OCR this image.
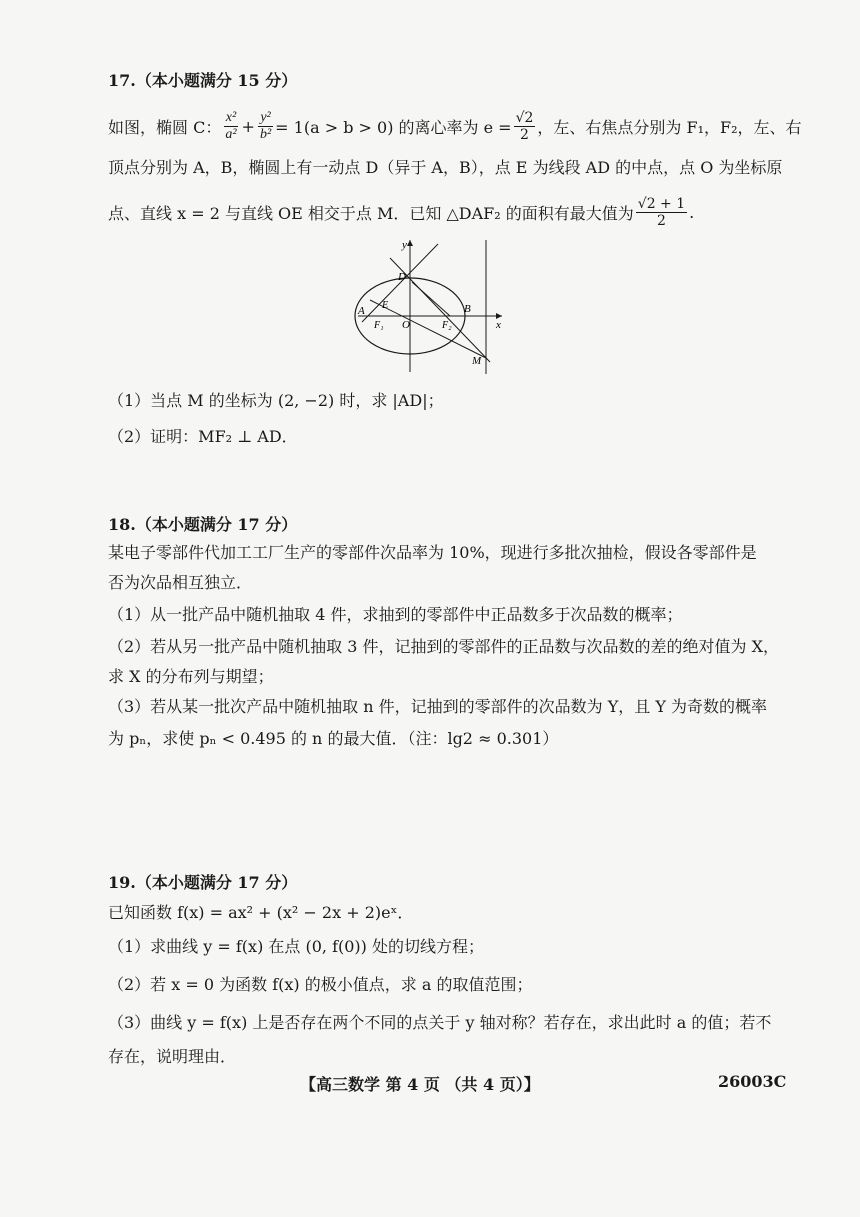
17.（本小题满分 15 分）
如图，椭圆 C： $\frac{\text{x²}}{\text{a²}} + \frac{\text{y²}}{\text{b²}} = 1(a > b > 0)$ 的离心率为 $e = \frac{√2}{2}$ ，左、右焦点分别为 F₁，F₂，左、右
顶点分别为 A，B，椭圆上有一动点 D（异于 A，B），点 E 为线段 AD 的中点，点 O 为坐标原
点、直线 x = 2 与直线 OE 相交于点 M．已知 △DAF₂ 的面积有最大值为 $\frac{√2 + 1}{2}$ .
y
x
D
A E	B
F₁ O	F₂
M
（1）当点 M 的坐标为 (2, −2) 时，求 |AD|；
（2）证明：MF₂ ⊥ AD．
18.（本小题满分 17 分）
某电子零部件代加工工厂生产的零部件次品率为 10%，现进行多批次抽检，假设各零部件是
否为次品相互独立．
（1）从一批产品中随机抽取 4 件，求抽到的零部件中正品数多于次品数的概率；
（2）若从另一批产品中随机抽取 3 件，记抽到的零部件的正品数与次品数的差的绝对值为 X，
求 X 的分布列与期望；
（3）若从某一批次产品中随机抽取 n 件，记抽到的零部件的次品数为 Y，且 Y 为奇数的概率
为 pₙ，求使 pₙ < 0.495 的 n 的最大值．（注：lg2 ≈ 0.301）
19.（本小题满分 17 分）
已知函数 f(x) = ax² + (x² − 2x + 2)eˣ．
（1）求曲线 y = f(x) 在点 (0, f(0)) 处的切线方程；
（2）若 x = 0 为函数 f(x) 的极小值点，求 a 的取值范围；
（3）曲线 y = f(x) 上是否存在两个不同的点关于 y 轴对称？若存在，求出此时 a 的值；若不
存在，说明理由．
【高三数学 第 4 页 （共 4 页）】	26003C
